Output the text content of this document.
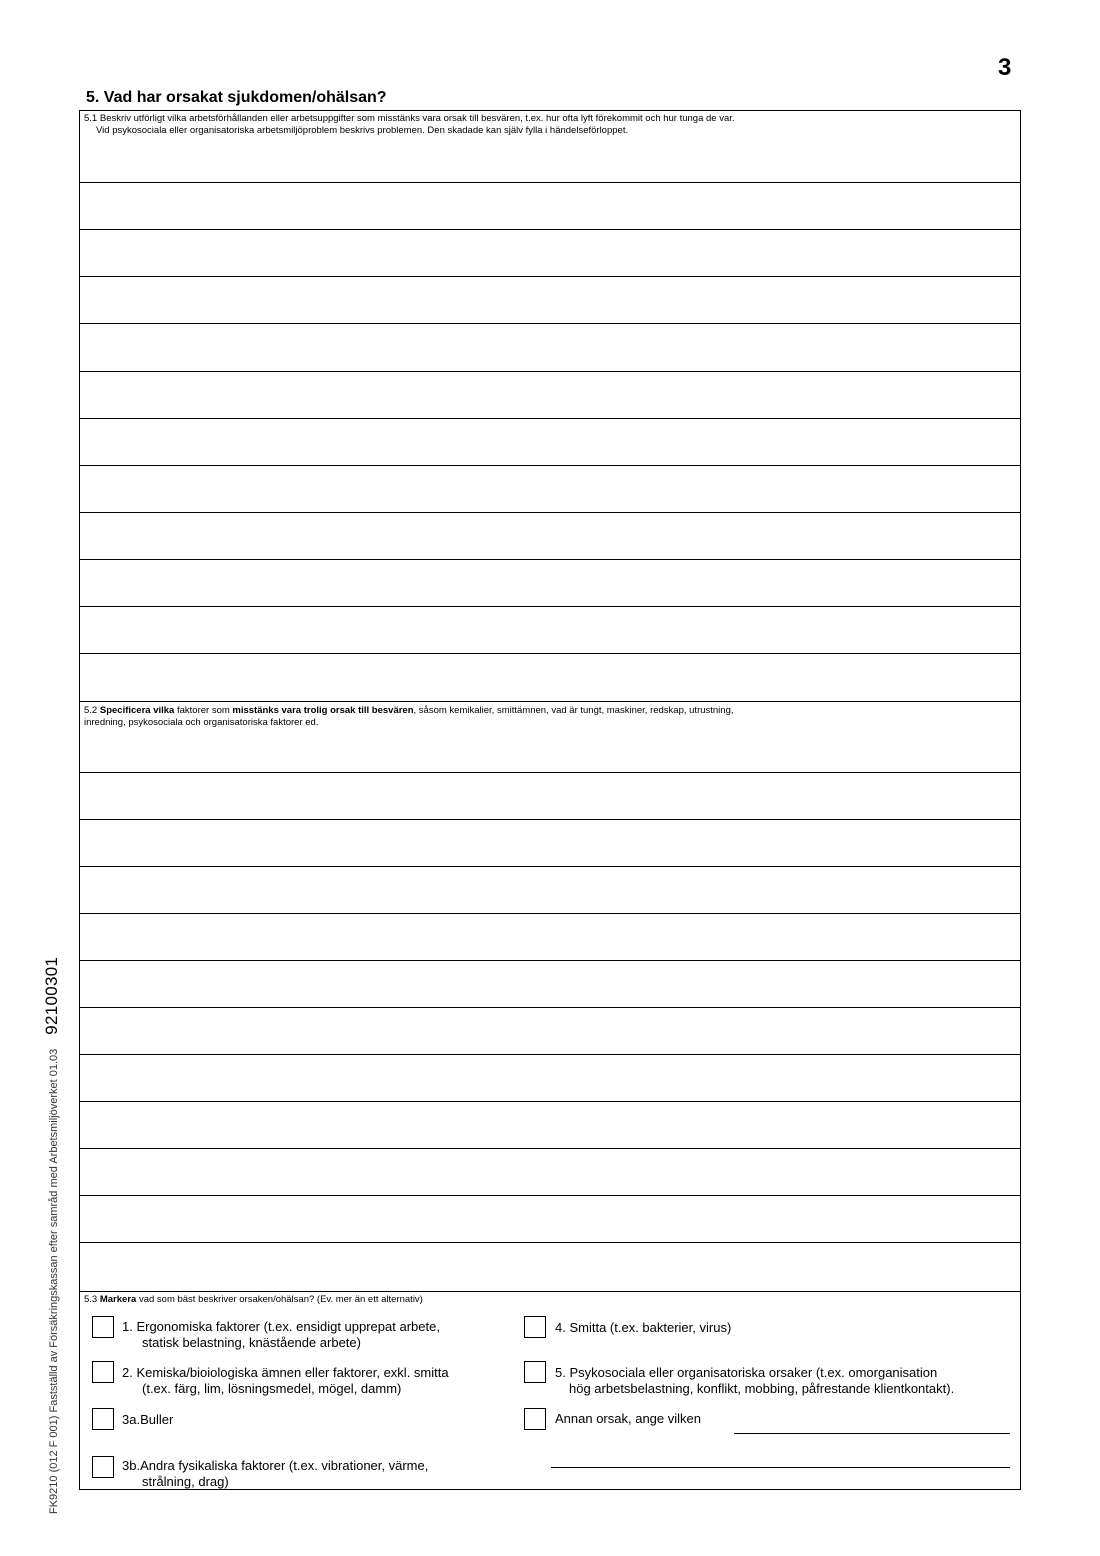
3
5. Vad har orsakat sjukdomen/ohälsan?
FK9210 (012 F 001) Fastställd av Försäkringskassan efter samråd med Arbetsmiljöverket 01.0392100301
5.1 Beskriv utförligt vilka arbetsförhållanden eller arbetsuppgifter som misstänks vara orsak till besvären, t.ex. hur ofta lyft förekommit och hur tunga de var.
Vid psykosociala eller organisatoriska arbetsmiljöproblem beskrivs problemen. Den skadade kan själv fylla i händelseförloppet.
5.2 Specificera vilka faktorer som misstänks vara trolig orsak till besvären, såsom kemikalier, smittämnen, vad är tungt, maskiner, redskap, utrustning,
inredning, psykosociala och organisatoriska faktorer ed.
5.3 Markera vad som bäst beskriver orsaken/ohälsan? (Ev. mer än ett alternativ)
1. Ergonomiska faktorer (t.ex. ensidigt upprepat arbete,
statisk belastning, knästående arbete)
2. Kemiska/bioiologiska ämnen eller faktorer, exkl. smitta
(t.ex. färg, lim, lösningsmedel, mögel, damm)
3a.Buller
3b.Andra fysikaliska faktorer (t.ex. vibrationer, värme,
strålning, drag)
4. Smitta (t.ex. bakterier, virus)
5. Psykosociala eller organisatoriska orsaker (t.ex. omorganisation
hög arbetsbelastning, konflikt, mobbing, påfrestande klientkontakt).
Annan orsak, ange vilken
